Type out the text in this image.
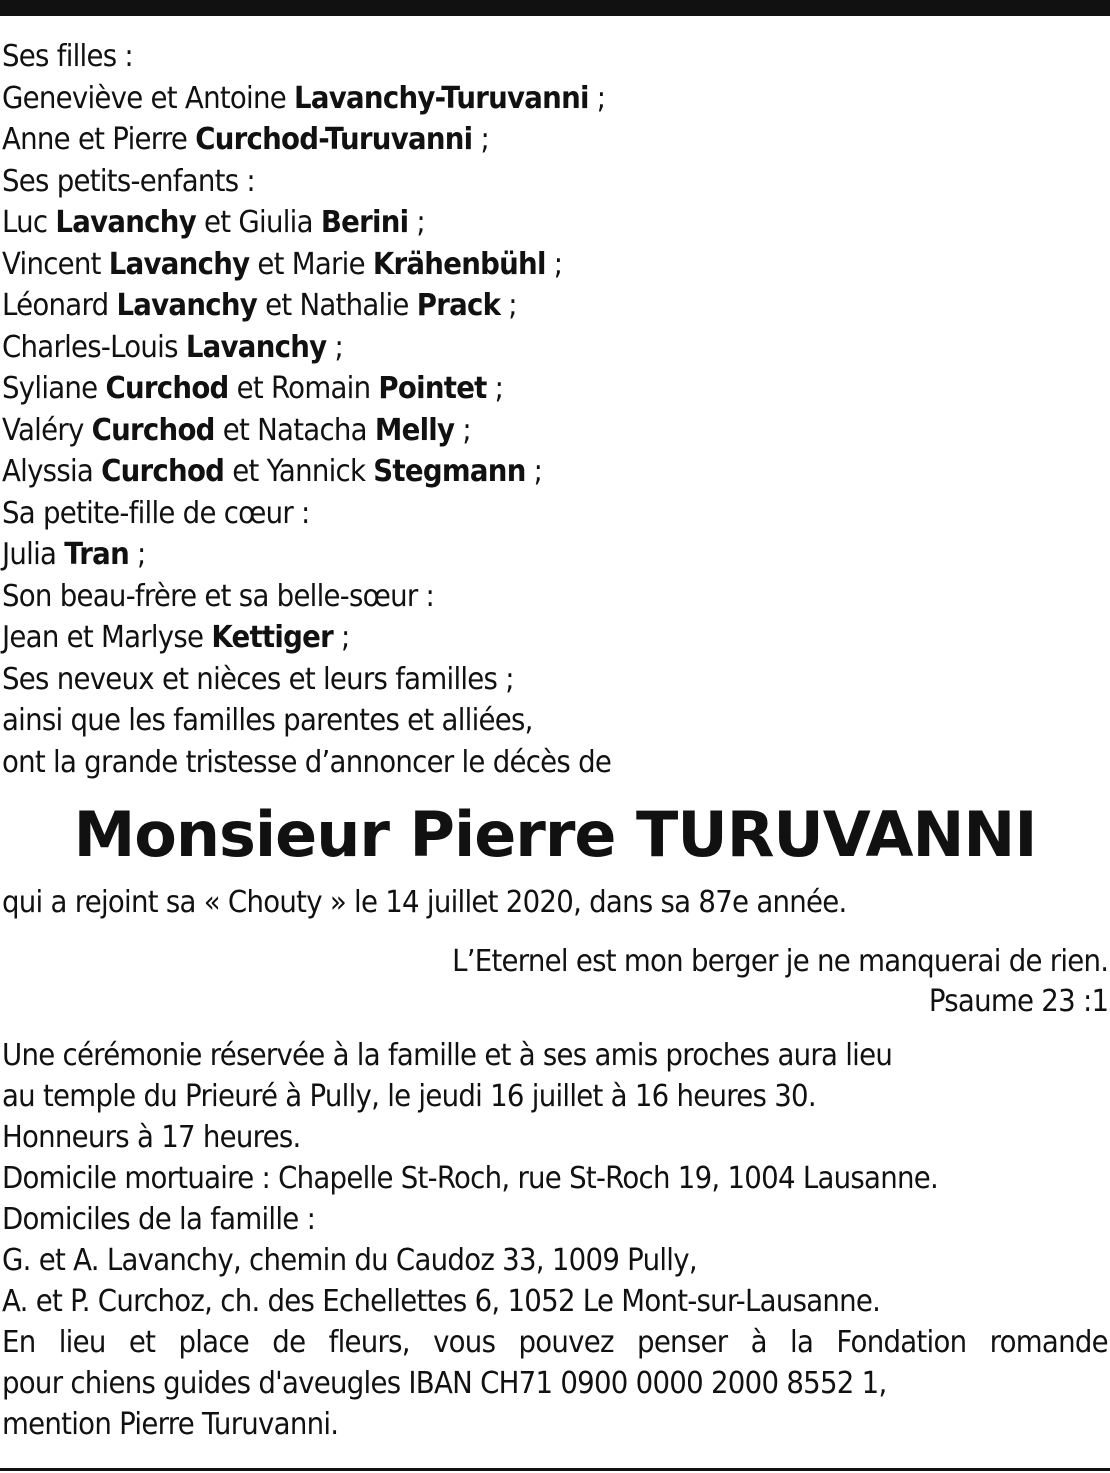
Ses filles :
Geneviève et Antoine Lavanchy-Turuvanni ;
Anne et Pierre Curchod-Turuvanni ;
Ses petits-enfants :
Luc Lavanchy et Giulia Berini ;
Vincent Lavanchy et Marie Krähenbühl ;
Léonard Lavanchy et Nathalie Prack ;
Charles-Louis Lavanchy ;
Syliane Curchod et Romain Pointet ;
Valéry Curchod et Natacha Melly ;
Alyssia Curchod et Yannick Stegmann ;
Sa petite-fille de cœur :
Julia Tran ;
Son beau-frère et sa belle-sœur :
Jean et Marlyse Kettiger ;
Ses neveux et nièces et leurs familles ;
ainsi que les familles parentes et alliées,
ont la grande tristesse d’annoncer le décès de
Monsieur Pierre TURUVANNI
qui a rejoint sa « Chouty » le 14 juillet 2020, dans sa 87e année.
L’Eternel est mon berger je ne manquerai de rien.
Psaume 23 :1
Une cérémonie réservée à la famille et à ses amis proches aura lieu
au temple du Prieuré à Pully, le jeudi 16 juillet à 16 heures 30.
Honneurs à 17 heures.
Domicile mortuaire : Chapelle St-Roch, rue St-Roch 19, 1004 Lausanne.
Domiciles de la famille :
G. et A. Lavanchy, chemin du Caudoz 33, 1009 Pully,
A. et P. Curchoz, ch. des Echellettes 6, 1052 Le Mont-sur-Lausanne.
En lieu et place de fleurs, vous pouvez penser à la Fondation romande
pour chiens guides d'aveugles IBAN CH71 0900 0000 2000 8552 1,
mention Pierre Turuvanni.
